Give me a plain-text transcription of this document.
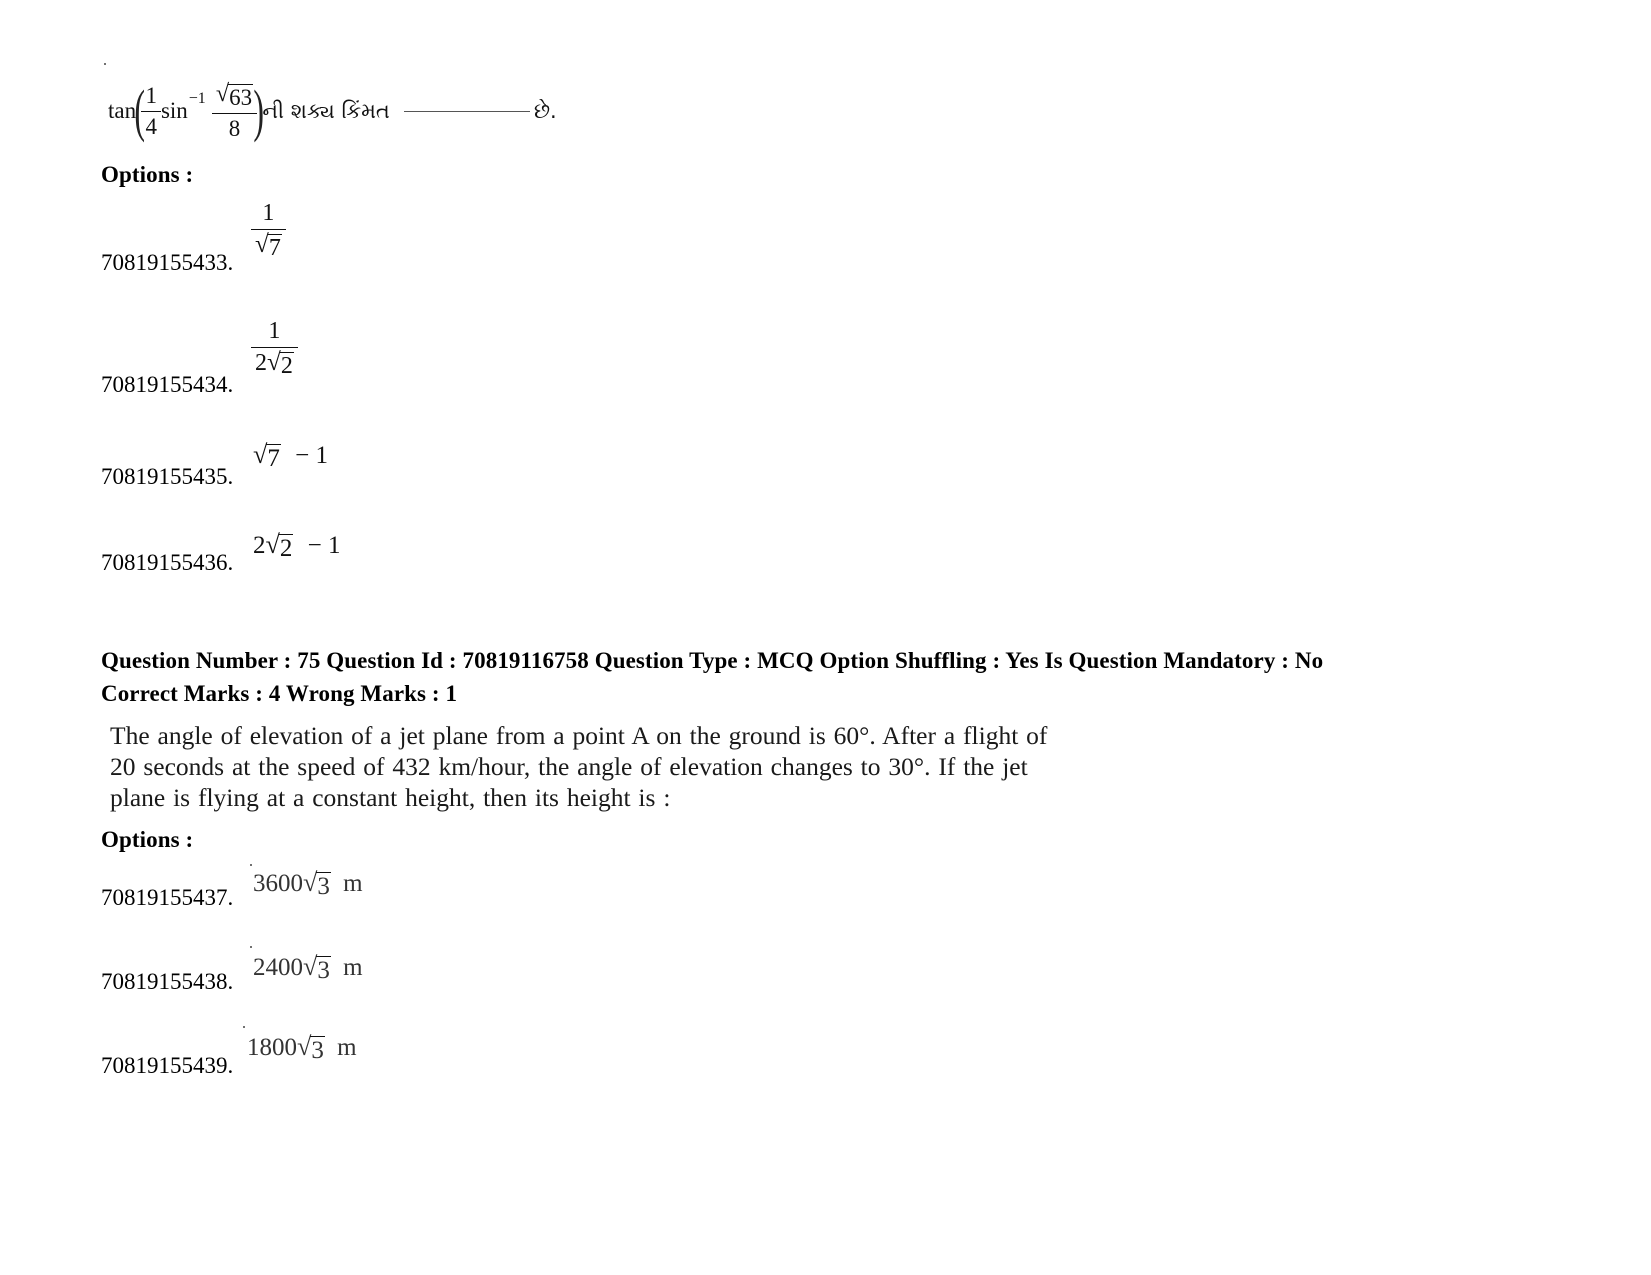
tan
(
$\frac{1}{4} \sin^{-1} \frac{√ 63}{8}$
)
ની શક્ય કિંમત	છે.
Options :
70819155433.
1
√ 7
70819155434.
1
2 √ 2
70819155435.
√ 7 − 1
70819155436.
2 √ 2 − 1
Question Number : 75 Question Id : 70819116758 Question Type : MCQ Option Shuffling : Yes Is Question Mandatory : No
Correct Marks : 4 Wrong Marks : 1
The angle of elevation of a jet plane from a point A on the ground is 60°. After a flight of
20 seconds at the speed of 432 km/hour, the angle of elevation changes to 30°. If the jet
plane is flying at a constant height, then its height is :
Options :
70819155437.
3600 √ 3 m
70819155438.
2400 √ 3 m
70819155439.
1800 √ 3 m
